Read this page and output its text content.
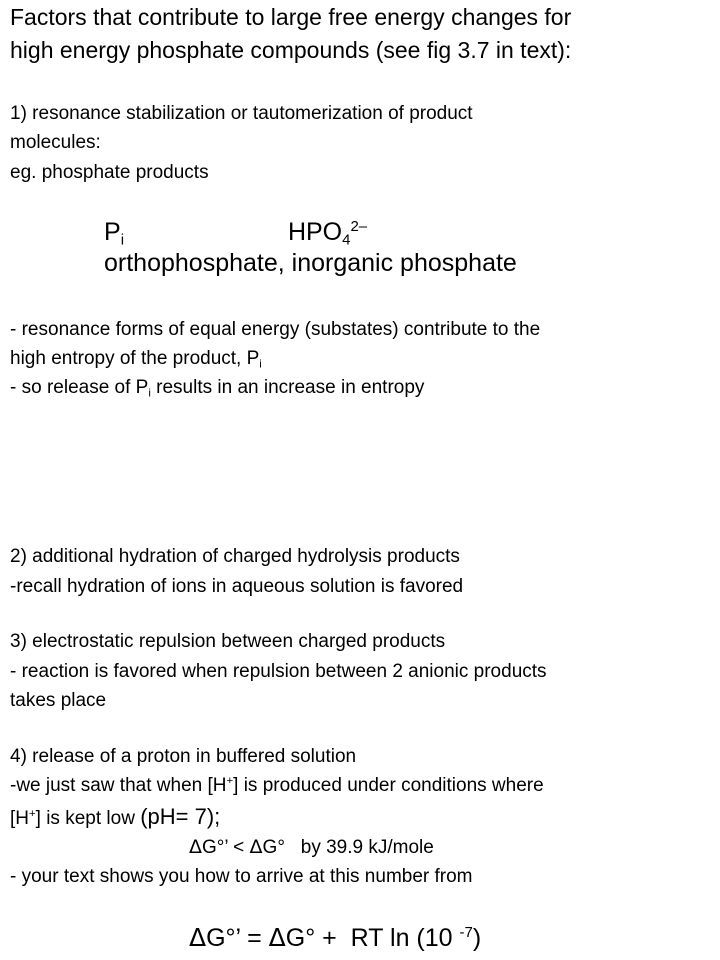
Factors that contribute to large free energy changes for
high energy phosphate compounds (see fig 3.7 in text):
1) resonance stabilization or tautomerization of product
molecules:
eg. phosphate products
Pi	$HPO4^{2-}$
orthophosphate, inorganic phosphate
- resonance forms of equal energy (substates) contribute to the
high entropy of the product, Pi
- so release of Pi results in an increase in entropy
2) additional hydration of charged hydrolysis products
-recall hydration of ions in aqueous solution is favored
3) electrostatic repulsion between charged products
- reaction is favored when repulsion between 2 anionic products
takes place
4) release of a proton in buffered solution
-we just saw that when [H+] is produced under conditions where
[H+] is kept low (pH= 7);
ΔG°’ < ΔG°   by 39.9 kJ/mole
- your text shows you how to arrive at this number from
ΔG°’ = ΔG° +  RT ln (10 $^{-7}$)
